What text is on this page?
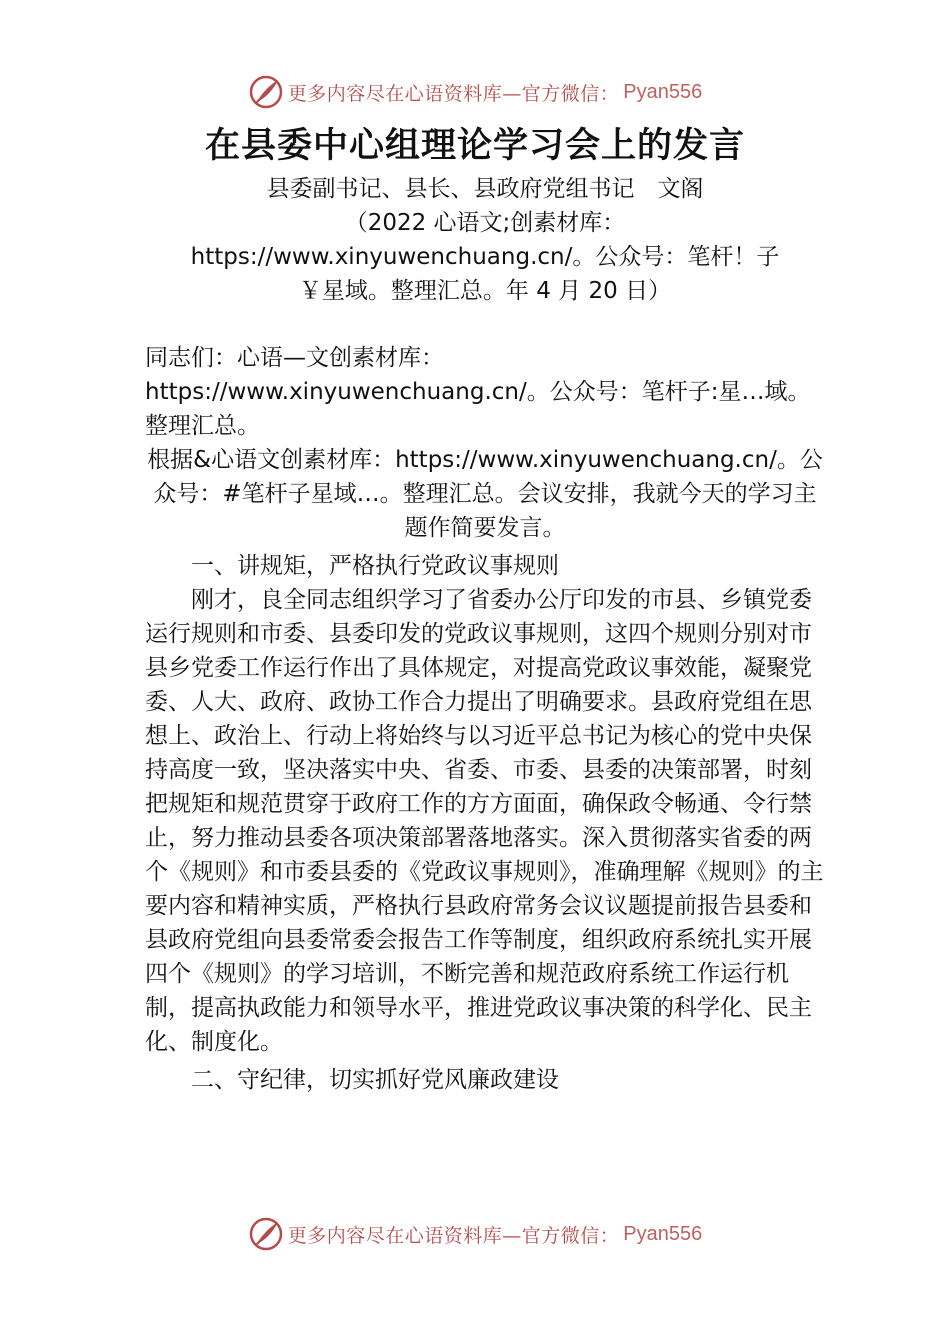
更多内容尽在心语资料库—官方微信： Pyan556
在县委中心组理论学习会上的发言
县委副书记、县长、县政府党组书记　文阁
（2022 心语文;创素材库：
https://www.xinyuwenchuang.cn/。公众号：笔杆！子
￥星域。整理汇总。年 4 月 20 日）

同志们：心语—文创素材库：https://www.xinyuwenchuang.cn/。公众号：笔杆子:星…域。整理汇总。

根据&心语文创素材库：https://www.xinyuwenchuang.cn/。公众号：#笔杆子星域…。整理汇总。会议安排，我就今天的学习主题作简要发言。

一、讲规矩，严格执行党政议事规则

刚才，良全同志组织学习了省委办公厅印发的市县、乡镇党委运行规则和市委、县委印发的党政议事规则，这四个规则分别对市县乡党委工作运行作出了具体规定，对提高党政议事效能，凝聚党委、人大、政府、政协工作合力提出了明确要求。县政府党组在思想上、政治上、行动上将始终与以习近平总书记为核心的党中央保持高度一致，坚决落实中央、省委、市委、县委的决策部署，时刻把规矩和规范贯穿于政府工作的方方面面，确保政令畅通、令行禁止，努力推动县委各项决策部署落地落实。深入贯彻落实省委的两个《规则》和市委县委的《党政议事规则》，准确理解《规则》的主要内容和精神实质，严格执行县政府常务会议议题提前报告县委和县政府党组向县委常委会报告工作等制度，组织政府系统扎实开展四个《规则》的学习培训，不断完善和规范政府系统工作运行机制，提高执政能力和领导水平，推进党政议事决策的科学化、民主化、制度化。

二、守纪律，切实抓好党风廉政建设

更多内容尽在心语资料库—官方微信： Pyan556
